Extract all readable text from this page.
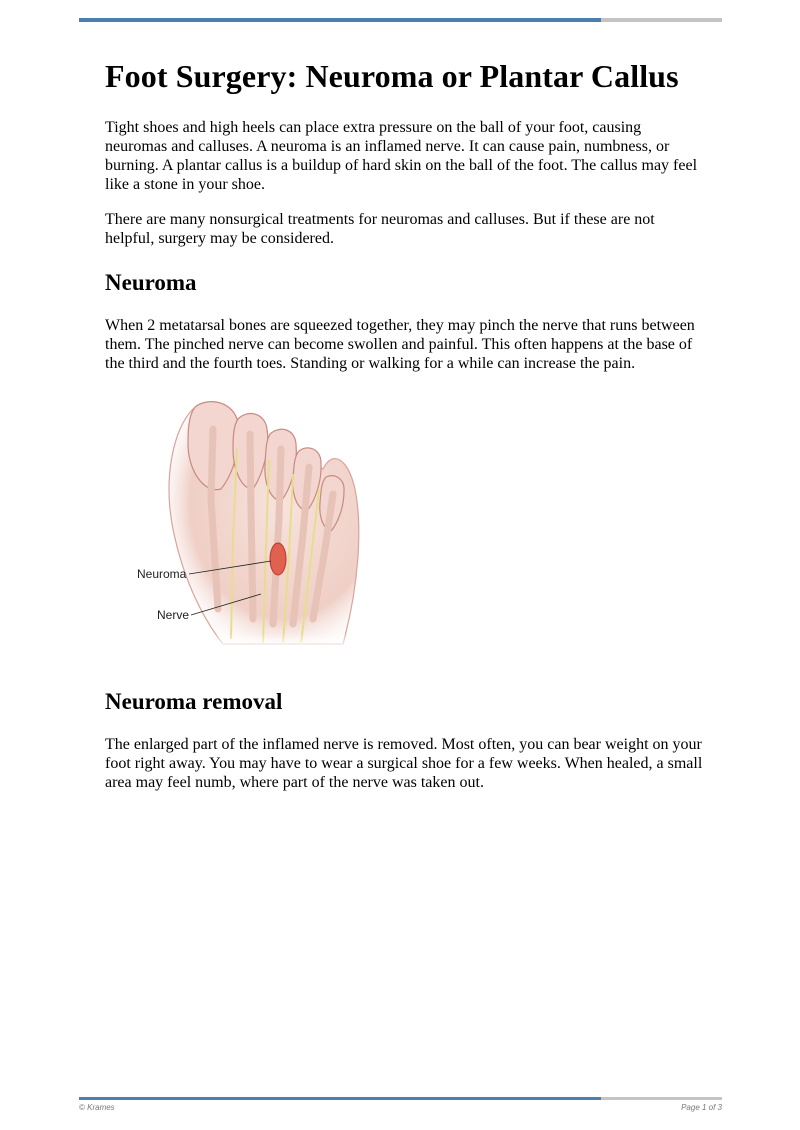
Foot Surgery: Neuroma or Plantar Callus

Tight shoes and high heels can place extra pressure on the ball of your foot, causing neuromas and calluses. A neuroma is an inflamed nerve. It can cause pain, numbness, or burning. A plantar callus is a buildup of hard skin on the ball of the foot. The callus may feel like a stone in your shoe.

There are many nonsurgical treatments for neuromas and calluses. But if these are not helpful, surgery may be considered.

Neuroma

When 2 metatarsal bones are squeezed together, they may pinch the nerve that runs between them. The pinched nerve can become swollen and painful. This often happens at the base of the third and the fourth toes. Standing or walking for a while can increase the pain.

Neuroma
Nerve
Neuroma removal

The enlarged part of the inflamed nerve is removed. Most often, you can bear weight on your foot right away. You may have to wear a surgical shoe for a few weeks. When healed, a small area may feel numb, where part of the nerve was taken out.

© Krames	Page 1 of 3
